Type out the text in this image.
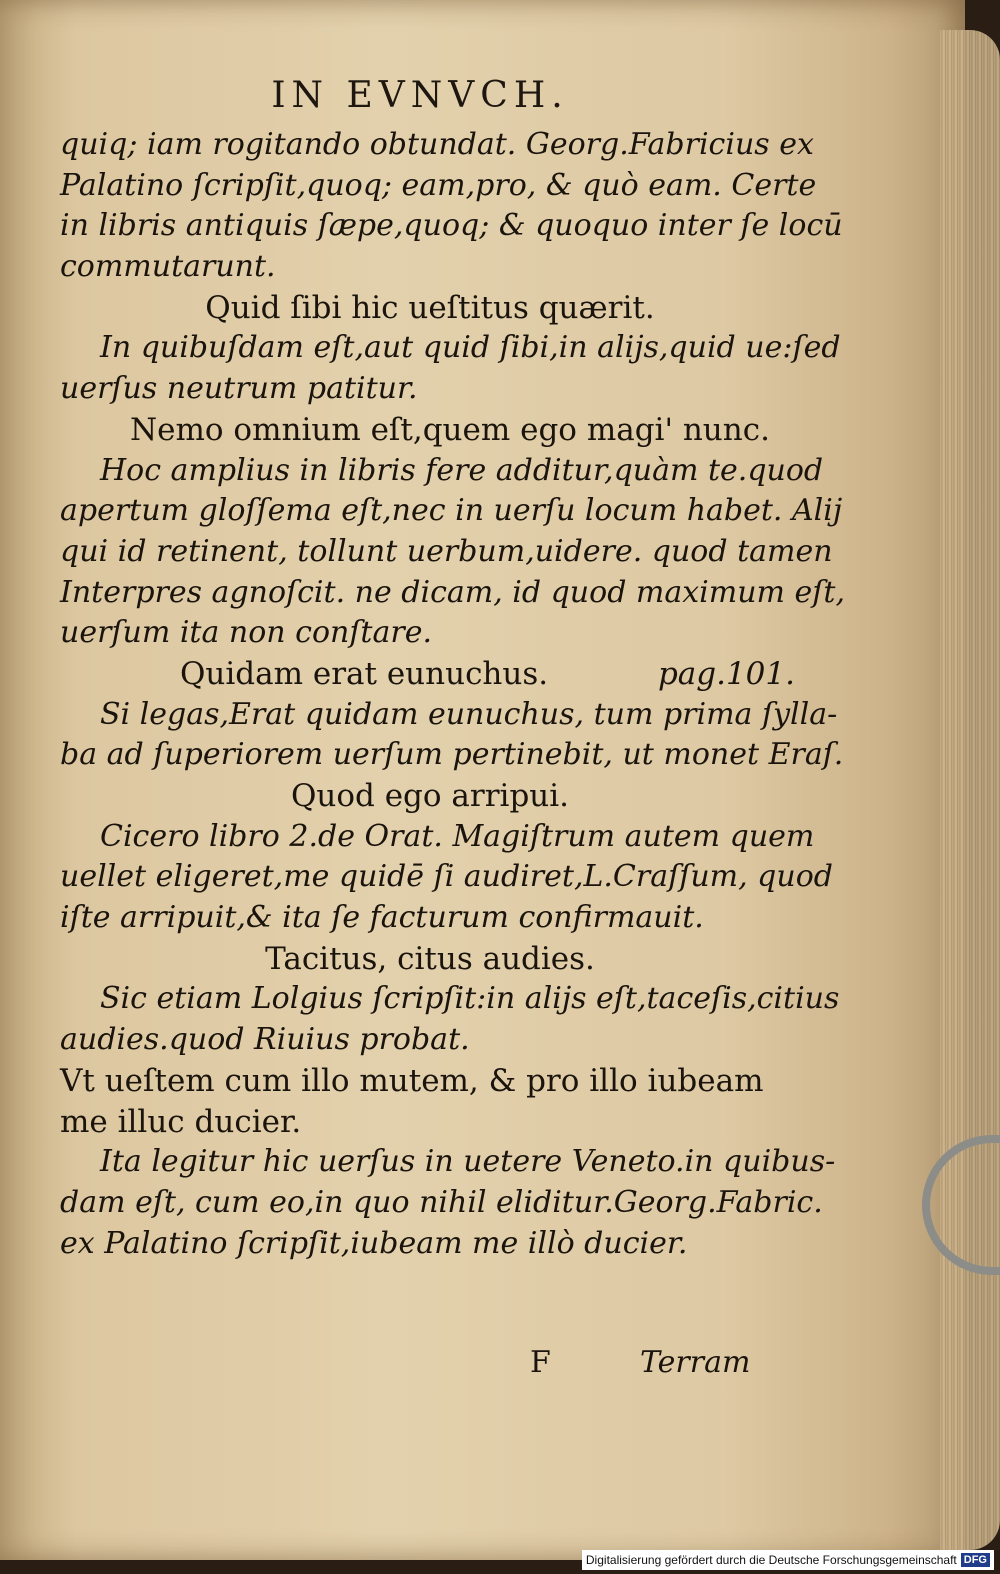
IN EVNVCH.
quiq; iam rogitando obtundat. Georg.Fabricius ex
Palatino ſcripſit,quoq; eam,pro, & quò eam. Certe
in libris antiquis ſæpe,quoq; & quoquo inter ſe locū
commutarunt.
Quid ſibi hic ueſtitus quærit.
In quibuſdam eſt,aut quid ſibi,in alijs,quid ue:ſed
uerſus neutrum patitur.
Nemo omnium eſt,quem ego magi' nunc.
Hoc amplius in libris fere additur,quàm te.quod
apertum gloſſema eſt,nec in uerſu locum habet. Alij
qui id retinent, tollunt uerbum,uidere. quod tamen
Interpres agnoſcit. ne dicam, id quod maximum eſt,
uerſum ita non conſtare.
Quidam erat eunuchus.	pag.101.
Si legas,Erat quidam eunuchus, tum prima ſylla-
ba ad ſuperiorem uerſum pertinebit, ut monet Eraſ.
Quod ego arripui.
Cicero libro 2.de Orat. Magiſtrum autem quem
uellet eligeret,me quidē ſi audiret,L.Craſſum, quod
iſte arripuit,& ita ſe facturum confirmauit.
Tacitus, citus audies.
Sic etiam Lolgius ſcripſit:in alijs eſt,taceſis,citius
audies.quod Riuius probat.
Vt ueſtem cum illo mutem, & pro illo iubeam
me illuc ducier.
Ita legitur hic uerſus in uetere Veneto.in quibus-
dam eſt, cum eo,in quo nihil eliditur.Georg.Fabric.
ex Palatino ſcripſit,iubeam me illò ducier.
F	Terram
Digitalisierung gefördert durch die Deutsche Forschungsgemeinschaft DFG
